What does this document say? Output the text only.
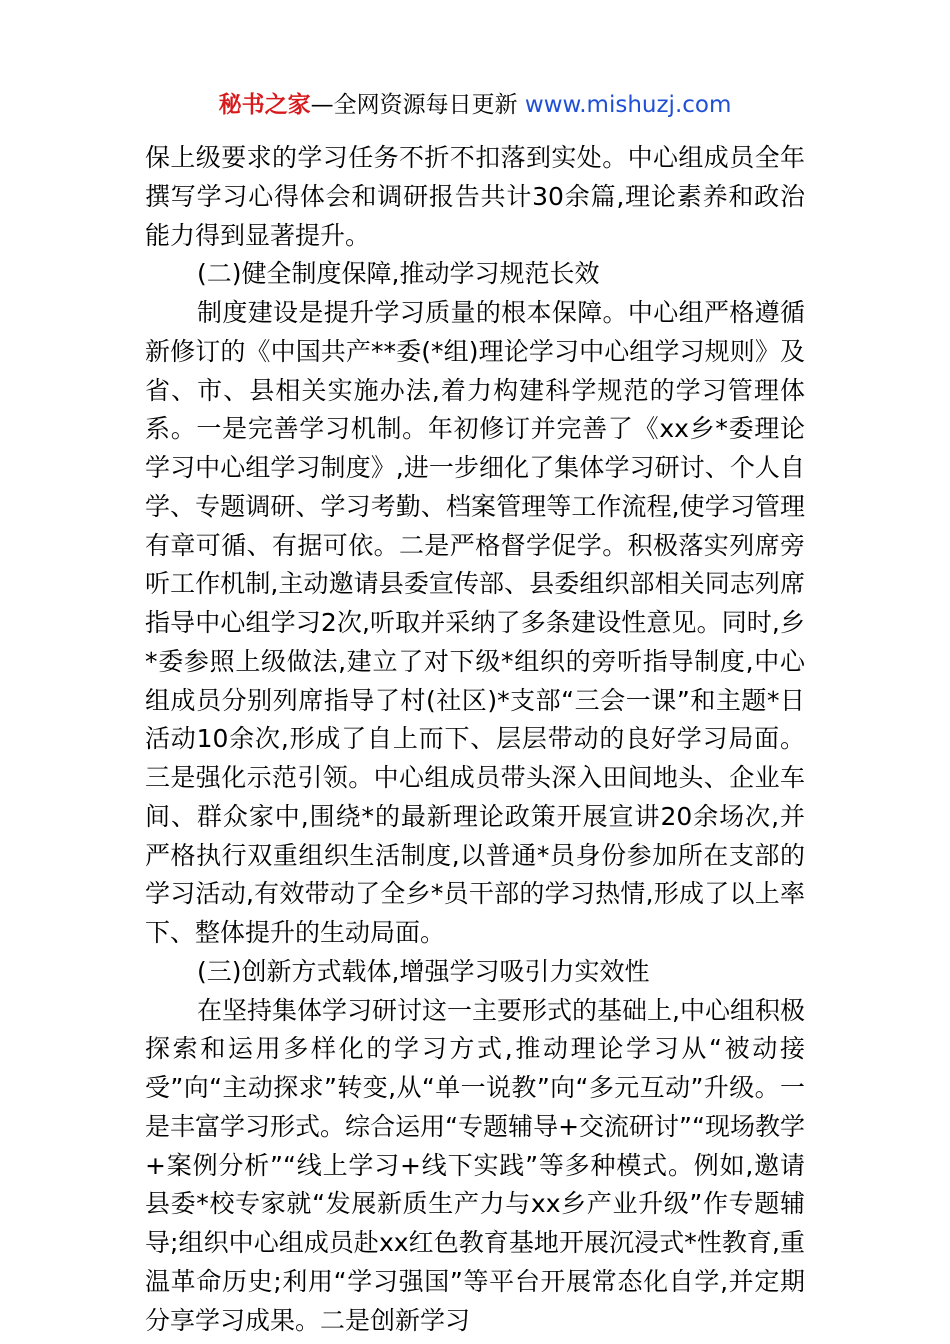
秘书之家—全网资源每日更新 www.mishuzj.com

保上级要求的学习任务不折不扣落到实处。中心组成员全年撰写学习心得体会和调研报告共计30余篇,理论素养和政治能力得到显著提升。

(二)健全制度保障,推动学习规范长效

制度建设是提升学习质量的根本保障。中心组严格遵循新修订的《中国共产**委(*组)理论学习中心组学习规则》及省、市、县相关实施办法,着力构建科学规范的学习管理体系。一是完善学习机制。年初修订并完善了《xx乡*委理论学习中心组学习制度》,进一步细化了集体学习研讨、个人自学、专题调研、学习考勤、档案管理等工作流程,使学习管理有章可循、有据可依。二是严格督学促学。积极落实列席旁听工作机制,主动邀请县委宣传部、县委组织部相关同志列席指导中心组学习2次,听取并采纳了多条建设性意见。同时,乡*委参照上级做法,建立了对下级*组织的旁听指导制度,中心组成员分别列席指导了村(社区)*支部“三会一课”和主题*日活动10余次,形成了自上而下、层层带动的良好学习局面。三是强化示范引领。中心组成员带头深入田间地头、企业车间、群众家中,围绕*的最新理论政策开展宣讲20余场次,并严格执行双重组织生活制度,以普通*员身份参加所在支部的学习活动,有效带动了全乡*员干部的学习热情,形成了以上率下、整体提升的生动局面。

(三)创新方式载体,增强学习吸引力实效性

在坚持集体学习研讨这一主要形式的基础上,中心组积极探索和运用多样化的学习方式,推动理论学习从“被动接受”向“主动探求”转变,从“单一说教”向“多元互动”升级。一是丰富学习形式。综合运用“专题辅导+交流研讨”“现场教学+案例分析”“线上学习+线下实践”等多种模式。例如,邀请县委*校专家就“发展新质生产力与xx乡产业升级”作专题辅导;组织中心组成员赴xx红色教育基地开展沉浸式*性教育,重温革命历史;利用“学习强国”等平台开展常态化自学,并定期分享学习成果。二是创新学习
